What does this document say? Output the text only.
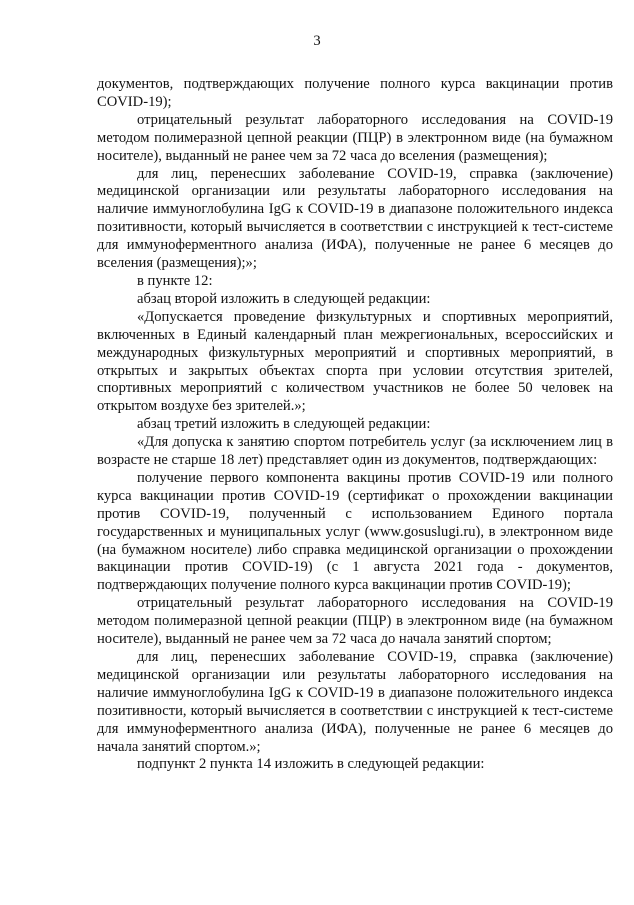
3

документов, подтверждающих получение полного курса вакцинации против COVID-19);

отрицательный результат лабораторного исследования на COVID-19 методом полимеразной цепной реакции (ПЦР) в электронном виде (на бумажном носителе), выданный не ранее чем за 72 часа до вселения (размещения);

для лиц, перенесших заболевание COVID-19, справка (заключение) медицинской организации или результаты лабораторного исследования на наличие иммуноглобулина IgG к COVID-19 в диапазоне положительного индекса позитивности, который вычисляется в соответствии с инструкцией к тест-системе для иммуноферментного анализа (ИФА), полученные не ранее 6 месяцев до вселения (размещения);»;

в пункте 12:

абзац второй изложить в следующей редакции:

«Допускается проведение физкультурных и спортивных мероприятий, включенных в Единый календарный план межрегиональных, всероссийских и международных физкультурных мероприятий и спортивных мероприятий, в открытых и закрытых объектах спорта при условии отсутствия зрителей, спортивных мероприятий с количеством участников не более 50 человек на открытом воздухе без зрителей.»;

абзац третий изложить в следующей редакции:

«Для допуска к занятию спортом потребитель услуг (за исключением лиц в возрасте не старше 18 лет) представляет один из документов, подтверждающих:

получение первого компонента вакцины против COVID-19 или полного курса вакцинации против COVID-19 (сертификат о прохождении вакцинации против COVID-19, полученный с использованием Единого портала государственных и муниципальных услуг (www.gosuslugi.ru), в электронном виде (на бумажном носителе) либо справка медицинской организации о прохождении вакцинации против COVID-19) (с 1 августа 2021 года - документов, подтверждающих получение полного курса вакцинации против COVID-19);

отрицательный результат лабораторного исследования на COVID-19 методом полимеразной цепной реакции (ПЦР) в электронном виде (на бумажном носителе), выданный не ранее чем за 72 часа до начала занятий спортом;

для лиц, перенесших заболевание COVID-19, справка (заключение) медицинской организации или результаты лабораторного исследования на наличие иммуноглобулина IgG к COVID-19 в диапазоне положительного индекса позитивности, который вычисляется в соответствии с инструкцией к тест-системе для иммуноферментного анализа (ИФА), полученные не ранее 6 месяцев до начала занятий спортом.»;

подпункт 2 пункта 14 изложить в следующей редакции:
